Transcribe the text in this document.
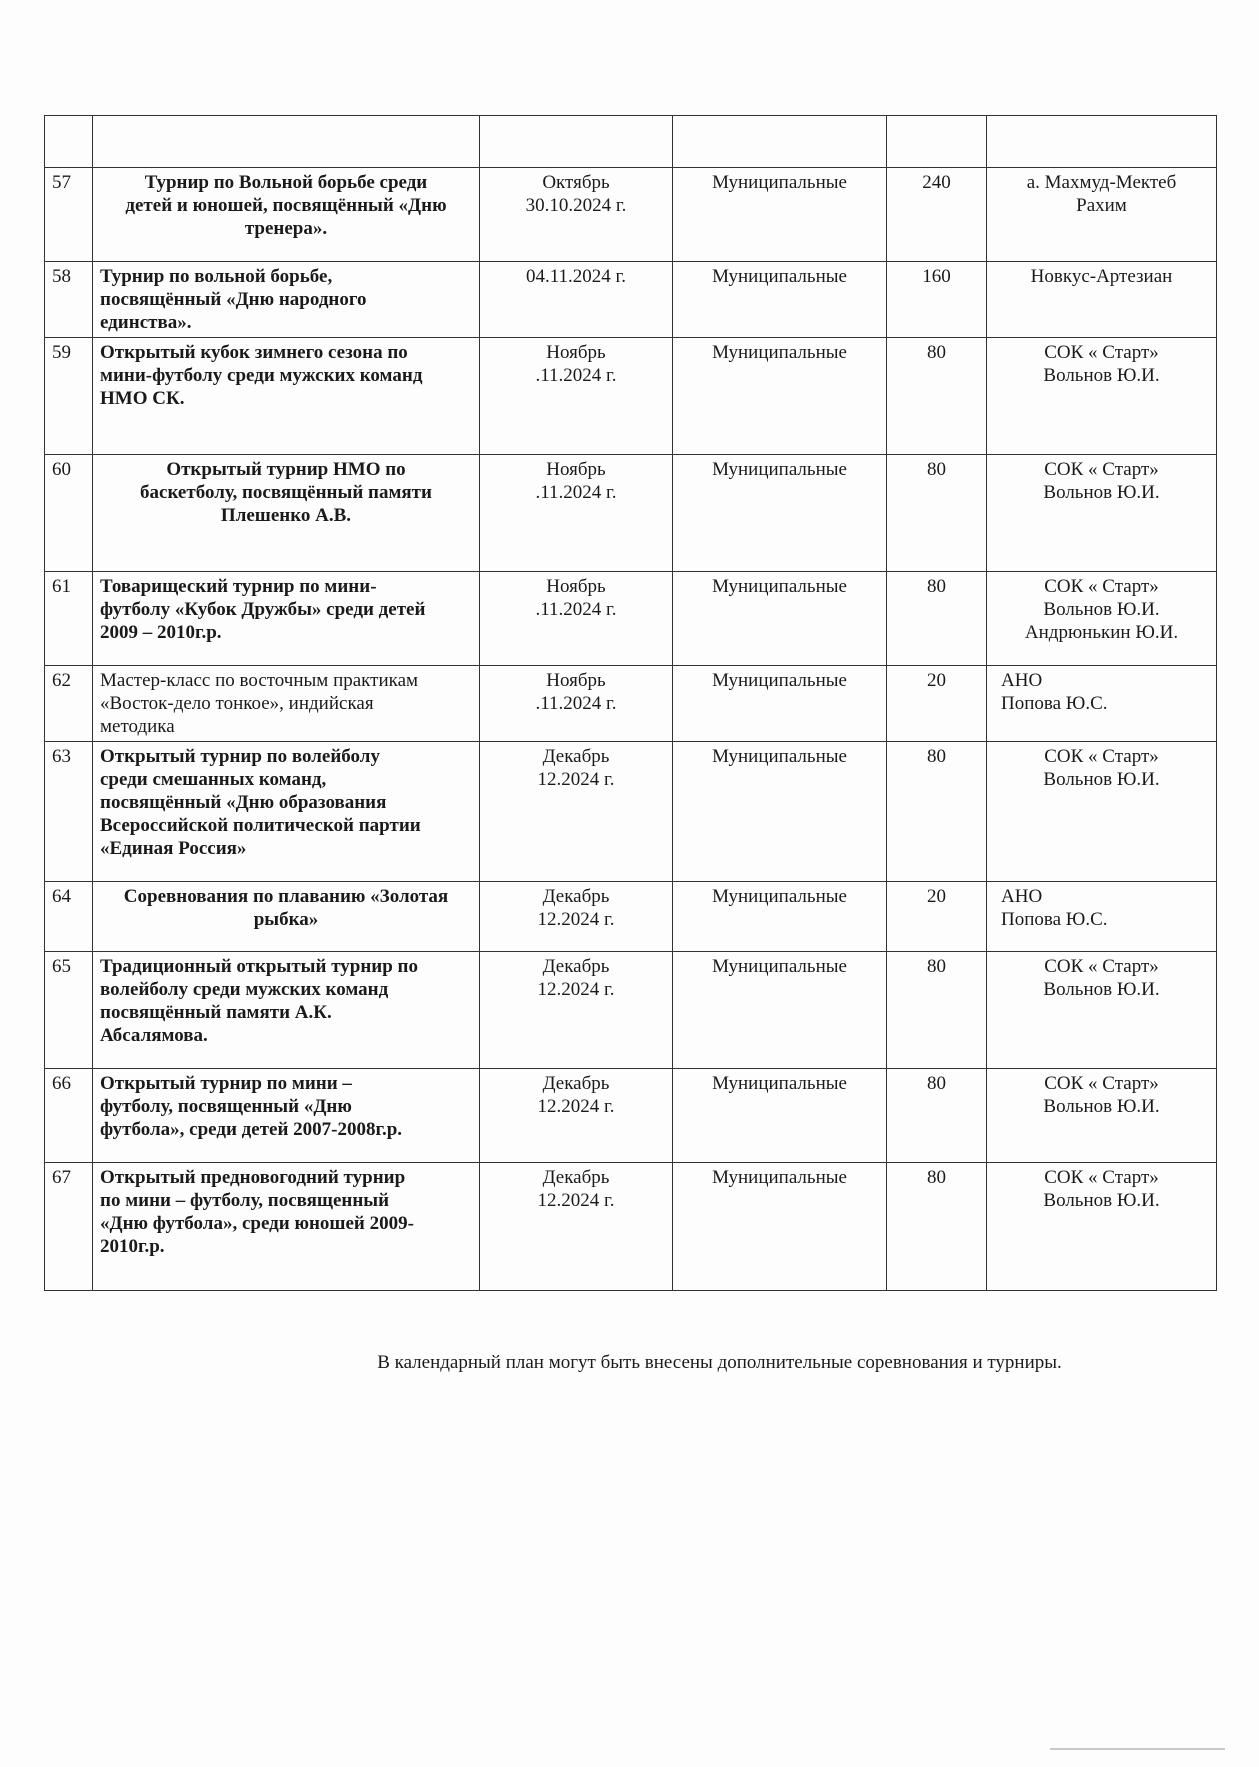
57	Турнир по Вольной борьбе среди
детей и юношей, посвящённый «Дню
тренера».	Октябрь
30.10.2024 г.	Муниципальные	240	а. Махмуд-Мектеб
Рахим

58	Турнир по вольной борьбе,
посвящённый «Дню народного
единства».	04.11.2024 г.	Муниципальные	160	Новкус-Артезиан

59	Открытый кубок зимнего сезона по
мини-футболу среди мужских команд
НМО СК.	Ноябрь
.11.2024 г.	Муниципальные	80	СОК « Старт»
Вольнов Ю.И.

60	Открытый турнир НМО по
баскетболу, посвящённый памяти
Плешенко А.В.	Ноябрь
.11.2024 г.	Муниципальные	80	СОК « Старт»
Вольнов Ю.И.

61	Товарищеский турнир по мини-
футболу «Кубок Дружбы» среди детей
2009 – 2010г.р.	Ноябрь
.11.2024 г.	Муниципальные	80	СОК « Старт»
Вольнов Ю.И.
Андрюнькин Ю.И.

62	Мастер-класс по восточным практикам
«Восток-дело тонкое», индийская
методика	Ноябрь
.11.2024 г.	Муниципальные	20	АНО
Попова Ю.С.

63	Открытый турнир по волейболу
среди смешанных команд,
посвящённый «Дню образования
Всероссийской политической партии
«Единая Россия»	Декабрь
12.2024 г.	Муниципальные	80	СОК « Старт»
Вольнов Ю.И.

64	Соревнования по плаванию «Золотая
рыбка»	Декабрь
12.2024 г.	Муниципальные	20	АНО
Попова Ю.С.

65	Традиционный открытый турнир по
волейболу среди мужских команд
посвящённый памяти А.К.
Абсалямова.	Декабрь
12.2024 г.	Муниципальные	80	СОК « Старт»
Вольнов Ю.И.

66	Открытый турнир по мини –
футболу, посвященный «Дню
футбола», среди детей 2007-2008г.р.	Декабрь
12.2024 г.	Муниципальные	80	СОК « Старт»
Вольнов Ю.И.

67	Открытый предновогодний турнир
по мини – футболу, посвященный
«Дню футбола», среди юношей 2009-
2010г.р.	Декабрь
12.2024 г.	Муниципальные	80	СОК « Старт»
Вольнов Ю.И.
В календарный план могут быть внесены дополнительные соревнования и турниры.
